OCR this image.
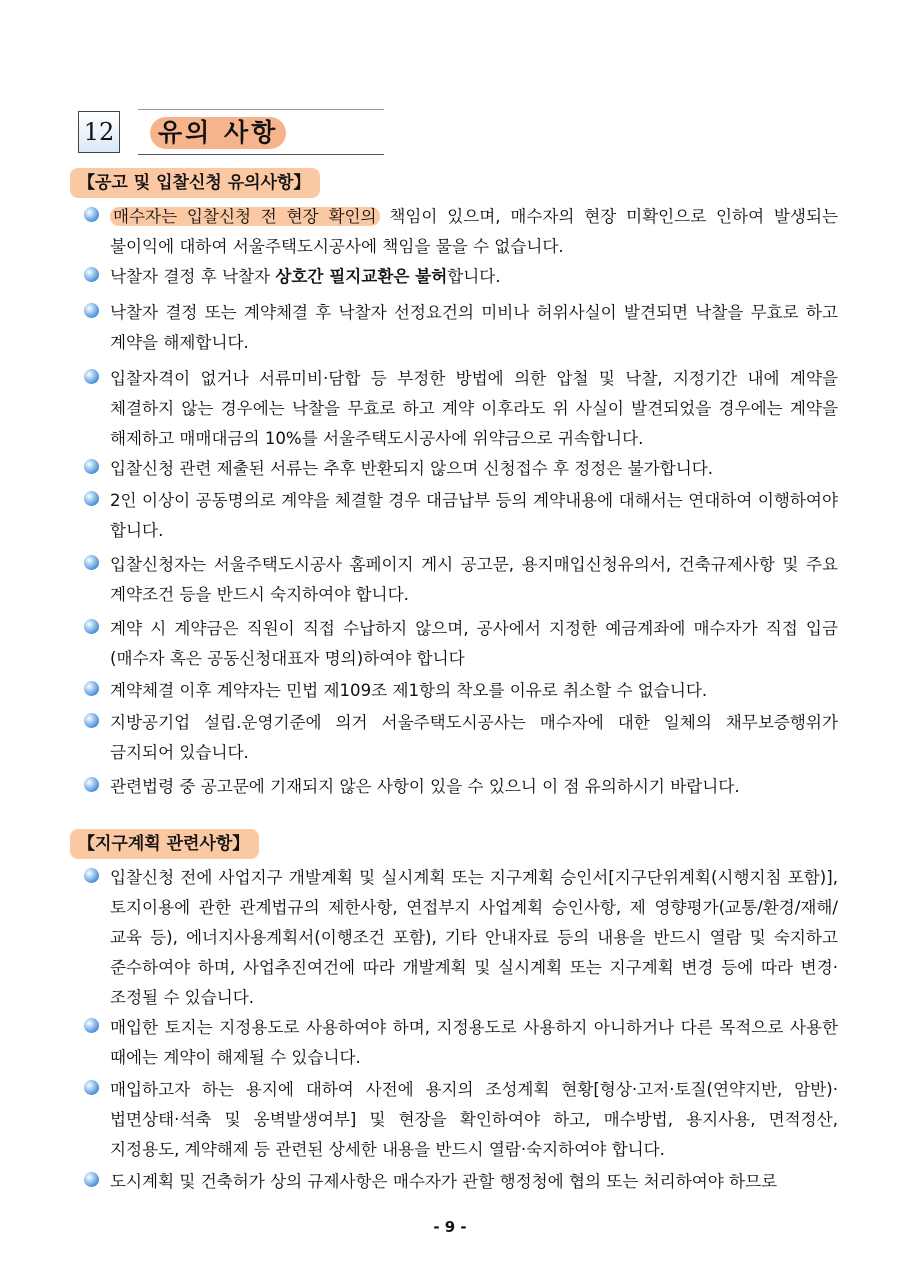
12	유의 사항
【공고 및 입찰신청 유의사항】
매수자는 입찰신청 전 현장 확인의 책임이 있으며, 매수자의 현장 미확인으로 인하여 발생되는 불이익에 대하여 서울주택도시공사에 책임을 물을 수 없습니다.
낙찰자 결정 후 낙찰자 상호간 필지교환은 불허합니다.
낙찰자 결정 또는 계약체결 후 낙찰자 선정요건의 미비나 허위사실이 발견되면 낙찰을 무효로 하고 계약을 해제합니다.
입찰자격이 없거나 서류미비·담합 등 부정한 방법에 의한 압철 및 낙찰, 지정기간 내에 계약을 체결하지 않는 경우에는 낙찰을 무효로 하고 계약 이후라도 위 사실이 발견되었을 경우에는 계약을 해제하고 매매대금의 10%를 서울주택도시공사에 위약금으로 귀속합니다.
입찰신청 관련 제출된 서류는 추후 반환되지 않으며 신청접수 후 정정은 불가합니다.
2인 이상이 공동명의로 계약을 체결할 경우 대금납부 등의 계약내용에 대해서는 연대하여 이행하여야 합니다.
입찰신청자는 서울주택도시공사 홈페이지 게시 공고문, 용지매입신청유의서, 건축규제사항 및 주요 계약조건 등을 반드시 숙지하여야 합니다.
계약 시 계약금은 직원이 직접 수납하지 않으며, 공사에서 지정한 예금계좌에 매수자가 직접 입금(매수자 혹은 공동신청대표자 명의)하여야 합니다
계약체결 이후 계약자는 민법 제109조 제1항의 착오를 이유로 취소할 수 없습니다.
지방공기업 설립.운영기준에 의거 서울주택도시공사는 매수자에 대한 일체의 채무보증행위가 금지되어 있습니다.
관련법령 중 공고문에 기재되지 않은 사항이 있을 수 있으니 이 점 유의하시기 바랍니다.
【지구계획 관련사항】
입찰신청 전에 사업지구 개발계획 및 실시계획 또는 지구계획 승인서[지구단위계획(시행지침 포함)], 토지이용에 관한 관계법규의 제한사항, 연접부지 사업계획 승인사항, 제 영향평가(교통/환경/재해/교육 등), 에너지사용계획서(이행조건 포함), 기타 안내자료 등의 내용을 반드시 열람 및 숙지하고 준수하여야 하며, 사업추진여건에 따라 개발계획 및 실시계획 또는 지구계획 변경 등에 따라 변경·조정될 수 있습니다.
매입한 토지는 지정용도로 사용하여야 하며, 지정용도로 사용하지 아니하거나 다른 목적으로 사용한 때에는 계약이 해제될 수 있습니다.
매입하고자 하는 용지에 대하여 사전에 용지의 조성계획 현황[형상·고저·토질(연약지반, 암반)·법면상태·석축 및 옹벽발생여부] 및 현장을 확인하여야 하고, 매수방법, 용지사용, 면적정산, 지정용도, 계약해제 등 관련된 상세한 내용을 반드시 열람·숙지하여야 합니다.
도시계획 및 건축허가 상의 규제사항은 매수자가 관할 행정청에 협의 또는 처리하여야 하므로
- 9 -
